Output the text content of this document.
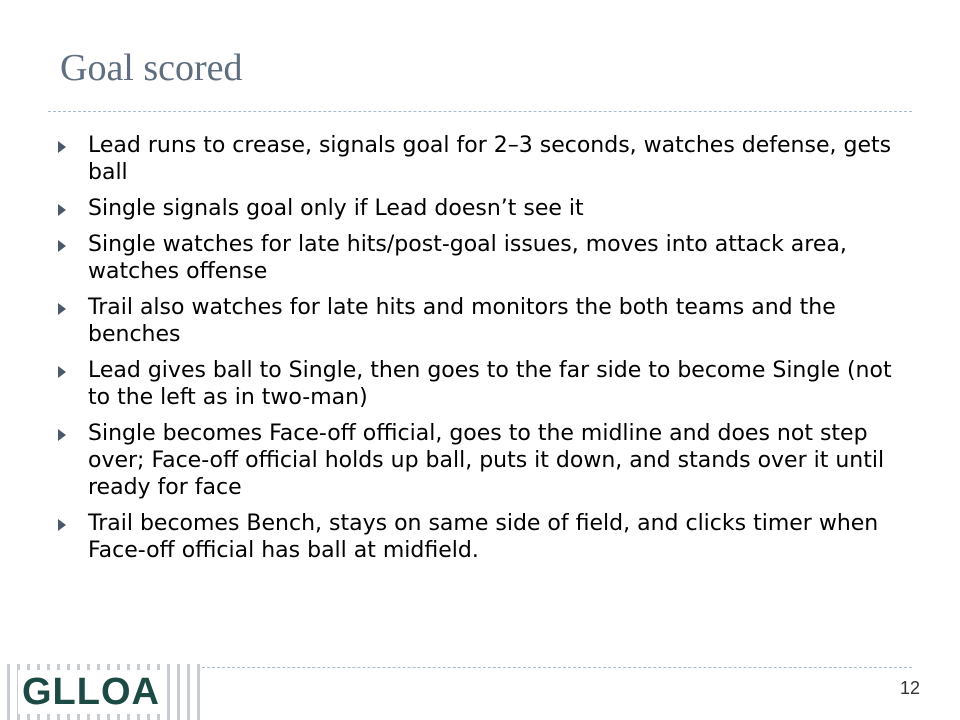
Goal scored
Lead runs to crease, signals goal for 2–3 seconds, watches defense, gets ball
Single signals goal only if Lead doesn’t see it
Single watches for late hits/post-goal issues, moves into attack area, watches offense
Trail also watches for late hits and monitors the both teams and the benches
Lead gives ball to Single, then goes to the far side to become Single (not to the left as in two-man)
Single becomes Face-off official, goes to the midline and does not step over; Face-off official holds up ball, puts it down, and stands over it until ready for face
Trail becomes Bench, stays on same side of field, and clicks timer when Face-off official has ball at midfield.
GLLOA	12
